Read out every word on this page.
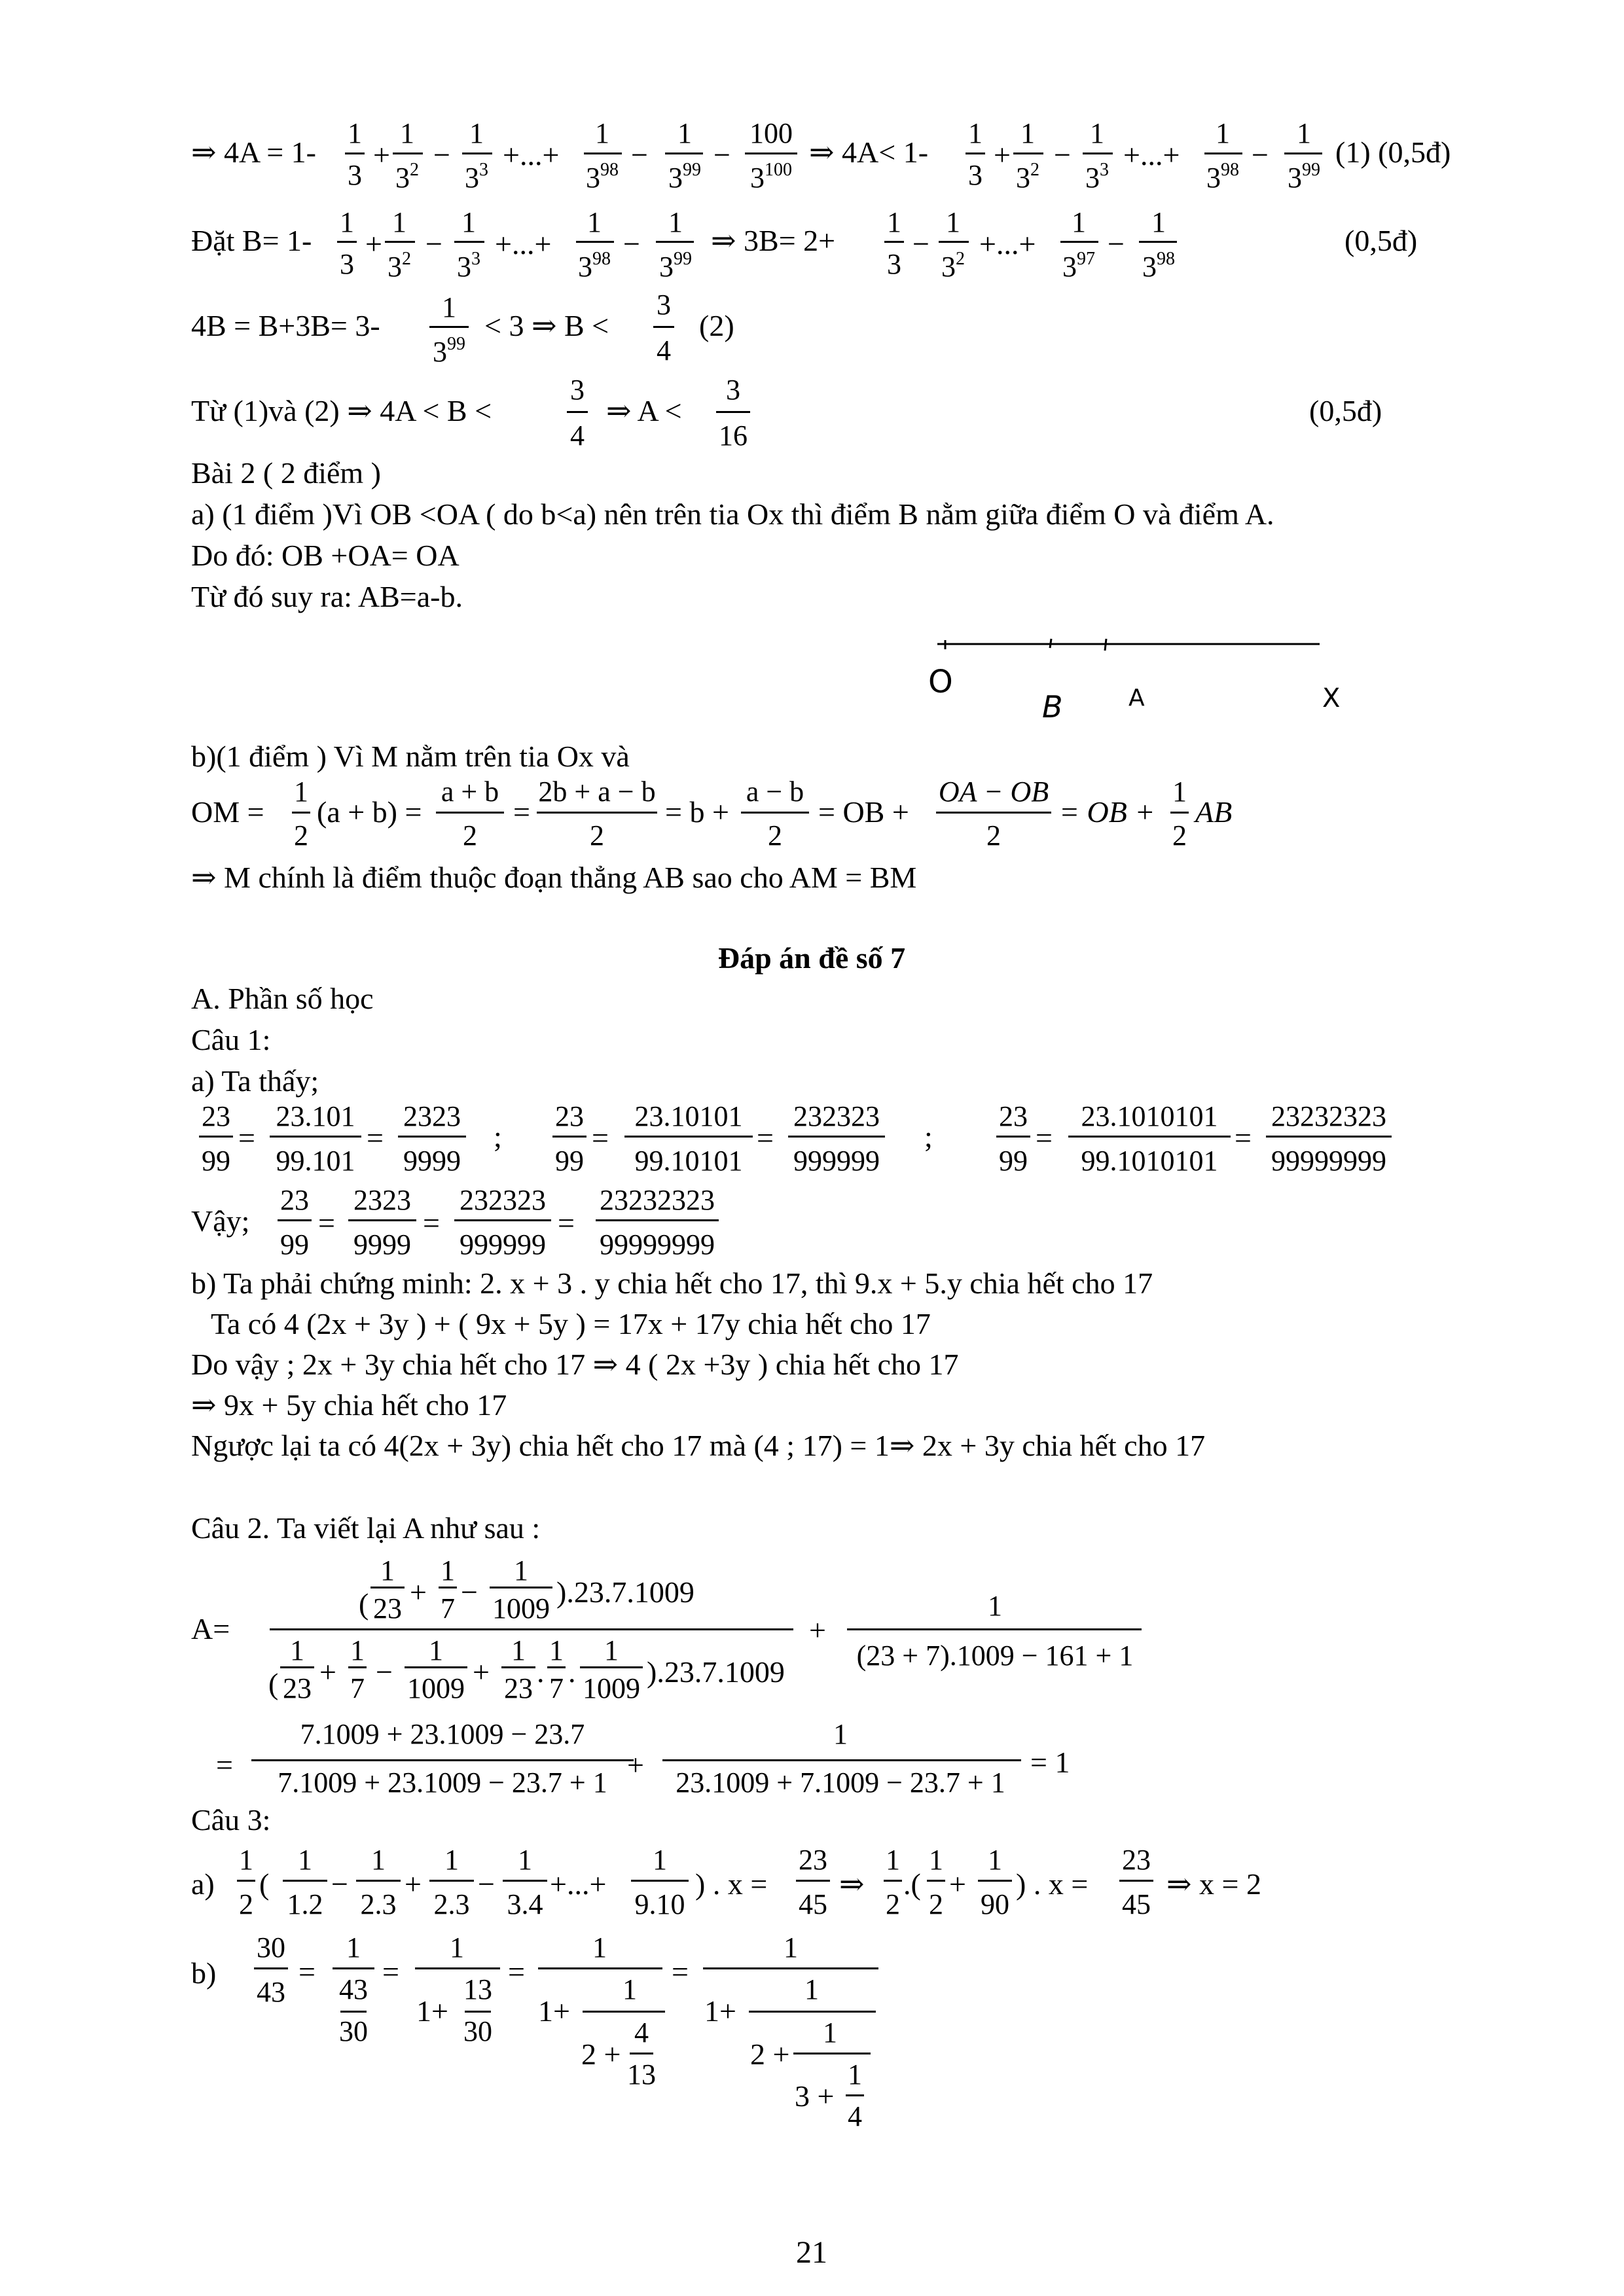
⇒ 4A = 1-
1
3
+
1
$3^2$ −
1
$3^3$ +...+
1
$3^{98}$ −
1
$3^{99}$ −
100
$3^{100}$
⇒ 4A< 1-
1
3
+
1
$3^2$ −
1
$3^3$ +...+
1
$3^{98}$ −
1
$3^{99}$
(1) (0,5đ)
Đặt B= 1-
1
3
+
1
$3^2$ −
1
$3^3$ +...+
1
$3^{98}$ −
1
$3^{99}$
⇒ 3B= 2+
1
3
−
1
$3^2$ +...+
1
$3^{97}$ −
1
$3^{98}$
(0,5đ)
4B = B+3B= 3-
1
$3^{99}$
< 3 ⇒ B <
3
4
(2)
Từ (1)và (2) ⇒ 4A < B <
3
4
⇒ A <
3
16
(0,5đ)
Bài 2 ( 2 điểm )
a) (1 điểm )Vì OB <OA ( do b<a) nên trên tia Ox thì điểm B nằm giữa điểm O và điểm A.
Do đó: OB +OA= OA
Từ đó suy ra: AB=a-b.
O
B	A	X
b)(1 điểm ) Vì M nằm trên tia Ox và
OM =
1
2
(a + b) =
a + b
2
=
2b + a − b
2
= b +
a − b
2
= OB +
OA − OB
2
= OB +
1
2
AB
⇒ M chính là điểm thuộc đoạn thẳng AB sao cho AM = BM
Đáp án đề số 7
A. Phần số học
Câu 1:
a) Ta thấy;
23
99
=
23.101
99.101
=
2323
9999
;
23
99
=
23.10101
99.10101
=
232323
999999
;
23
99
=
23.1010101
99.1010101
=
23232323
99999999
Vậy;
23
99
=
2323
9999
=
232323
999999
=
23232323
99999999
b) Ta phải chứng minh: 2. x + 3 . y chia hết cho 17, thì 9.x + 5.y chia hết cho 17
Ta có 4 (2x + 3y ) + ( 9x + 5y ) = 17x + 17y chia hết cho 17
Do vậy ; 2x + 3y chia hết cho 17 ⇒ 4 ( 2x +3y ) chia hết cho 17
⇒ 9x + 5y chia hết cho 17
Ngược lại ta có 4(2x + 3y) chia hết cho 17 mà (4 ; 17) = 1⇒ 2x + 3y chia hết cho 17
Câu 2. Ta viết lại A như sau :
A=
(
1
23 +
1
7 −
1
1009 ).23.7.1009
(
1
23 +
1
7 −
1
1009 +
1
23 .
1
7 .
1
1009 ).23.7.1009
+
1
(23 + 7).1009 − 161 + 1
=
7.1009 + 23.1009 − 23.7
7.1009 + 23.1009 − 23.7 + 1
+
1
23.1009 + 7.1009 − 23.7 + 1
= 1
Câu 3:
a)
1
2
(
1
1.2
−
1
2.3
+
1
2.3
−
1
3.4
+...+
1
9.10
) . x =
23
45
⇒
1
2
.(
1
2
+
1
90
) . x =
23
45
⇒ x = 2
b)
30
43
=
1
43
30
=
1
1+
13
30
=
1
1+
1
2 +
4
13
=
1
1+
1
2 +
1
3 +
1
4
21
